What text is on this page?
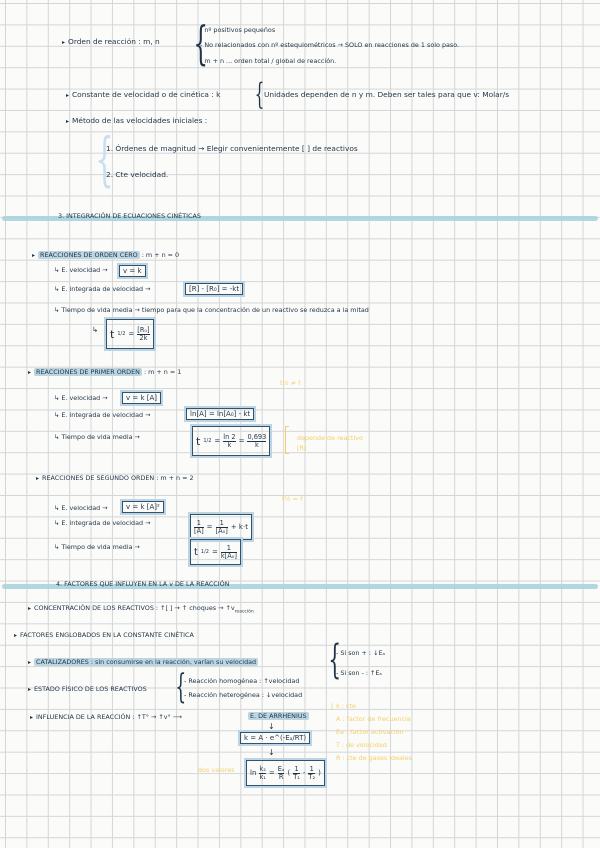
▸ Orden de reacción : m, n {
- nº positivos pequeños
- No relacionados con nº estequiométricos → SOLO en reacciones de 1 solo paso.
- m + n ... orden total / global de reacción.
▸ Constante de velocidad o de cinética : k { Unidades dependen de n y m. Deben ser tales para que v: Molar/s
▸ Método de las velocidades iniciales :
{
1. Órdenes de magnitud → Elegir convenientemente [ ] de reactivos
2. Cte velocidad.
3. INTEGRACIÓN DE ECUACIONES CINÉTICAS
▸ REACCIONES DE ORDEN CERO : m + n = 0
↳ E. velocidad → v = k
↳ E. integrada de velocidad →	[R] - [R₀] = -kt
↳ Tiempo de vida media → tiempo para que la concentración de un reactivo se reduzca a la mitad
↳ t $1/2 = \frac{\text{[R₀]}}{2k}$
▸ REACCIONES DE PRIMER ORDEN : m + n = 1
t½ ≠ f
↳ E. velocidad →	v = k [A]
↳ E. integrada de velocidad →	ln[A] = ln[A₀] - kt
↳ Tiempo de vida media →	t $1/2 = \frac{\ln 2}{k} = \frac{0,693}{k}$	depende de reactivo
[R]
▸ REACCIONES DE SEGUNDO ORDEN : m + n = 2
t½ = f
↳ E. velocidad →	v = k [A]²
↳ E. integrada de velocidad →	$\frac{1}{[A]} = \frac{1}{\text{[A₀]}} + k\cdot t$
↳ Tiempo de vida media →	t $1/2 = \frac{1}{\text{k[A₀]}}$
4. FACTORES QUE INFLUYEN EN LA v DE LA REACCIÓN
▸ CONCENTRACIÓN DE LOS REACTIVOS : ↑[ ] → ↑ choques → $↑v_{reacción}$
▸ FACTORES ENGLOBADOS EN LA CONSTANTE CINÉTICA
▸ CATALIZADORES : sin consumirse en la reacción, varían su velocidad {
- Si son + : ↓Eₐ
- Si son - : ↑Eₐ
▸ ESTADO FÍSICO DE LOS REACTIVOS {
- Reacción homogénea : ↑velocidad
- Reacción heterogénea : ↓velocidad
▸ INFLUENCIA DE LA REACCIÓN : ↑T° → ↑v° ⟶	E. DE ARRHENIUS
↓
k = A · e^(-Eₐ/RT)
↓
$\ln \frac{\text{k₂}}{\text{k₁}} = \frac{\text{Eₐ}}{R}$ ( $\frac{1}{\text{T₁}} - \frac{1}{\text{T₂}}$ )
dos valores
{ k : cte
A : factor de frecuencia
Ea : factor activación
T : de velocidad
R : cte de gases ideales
